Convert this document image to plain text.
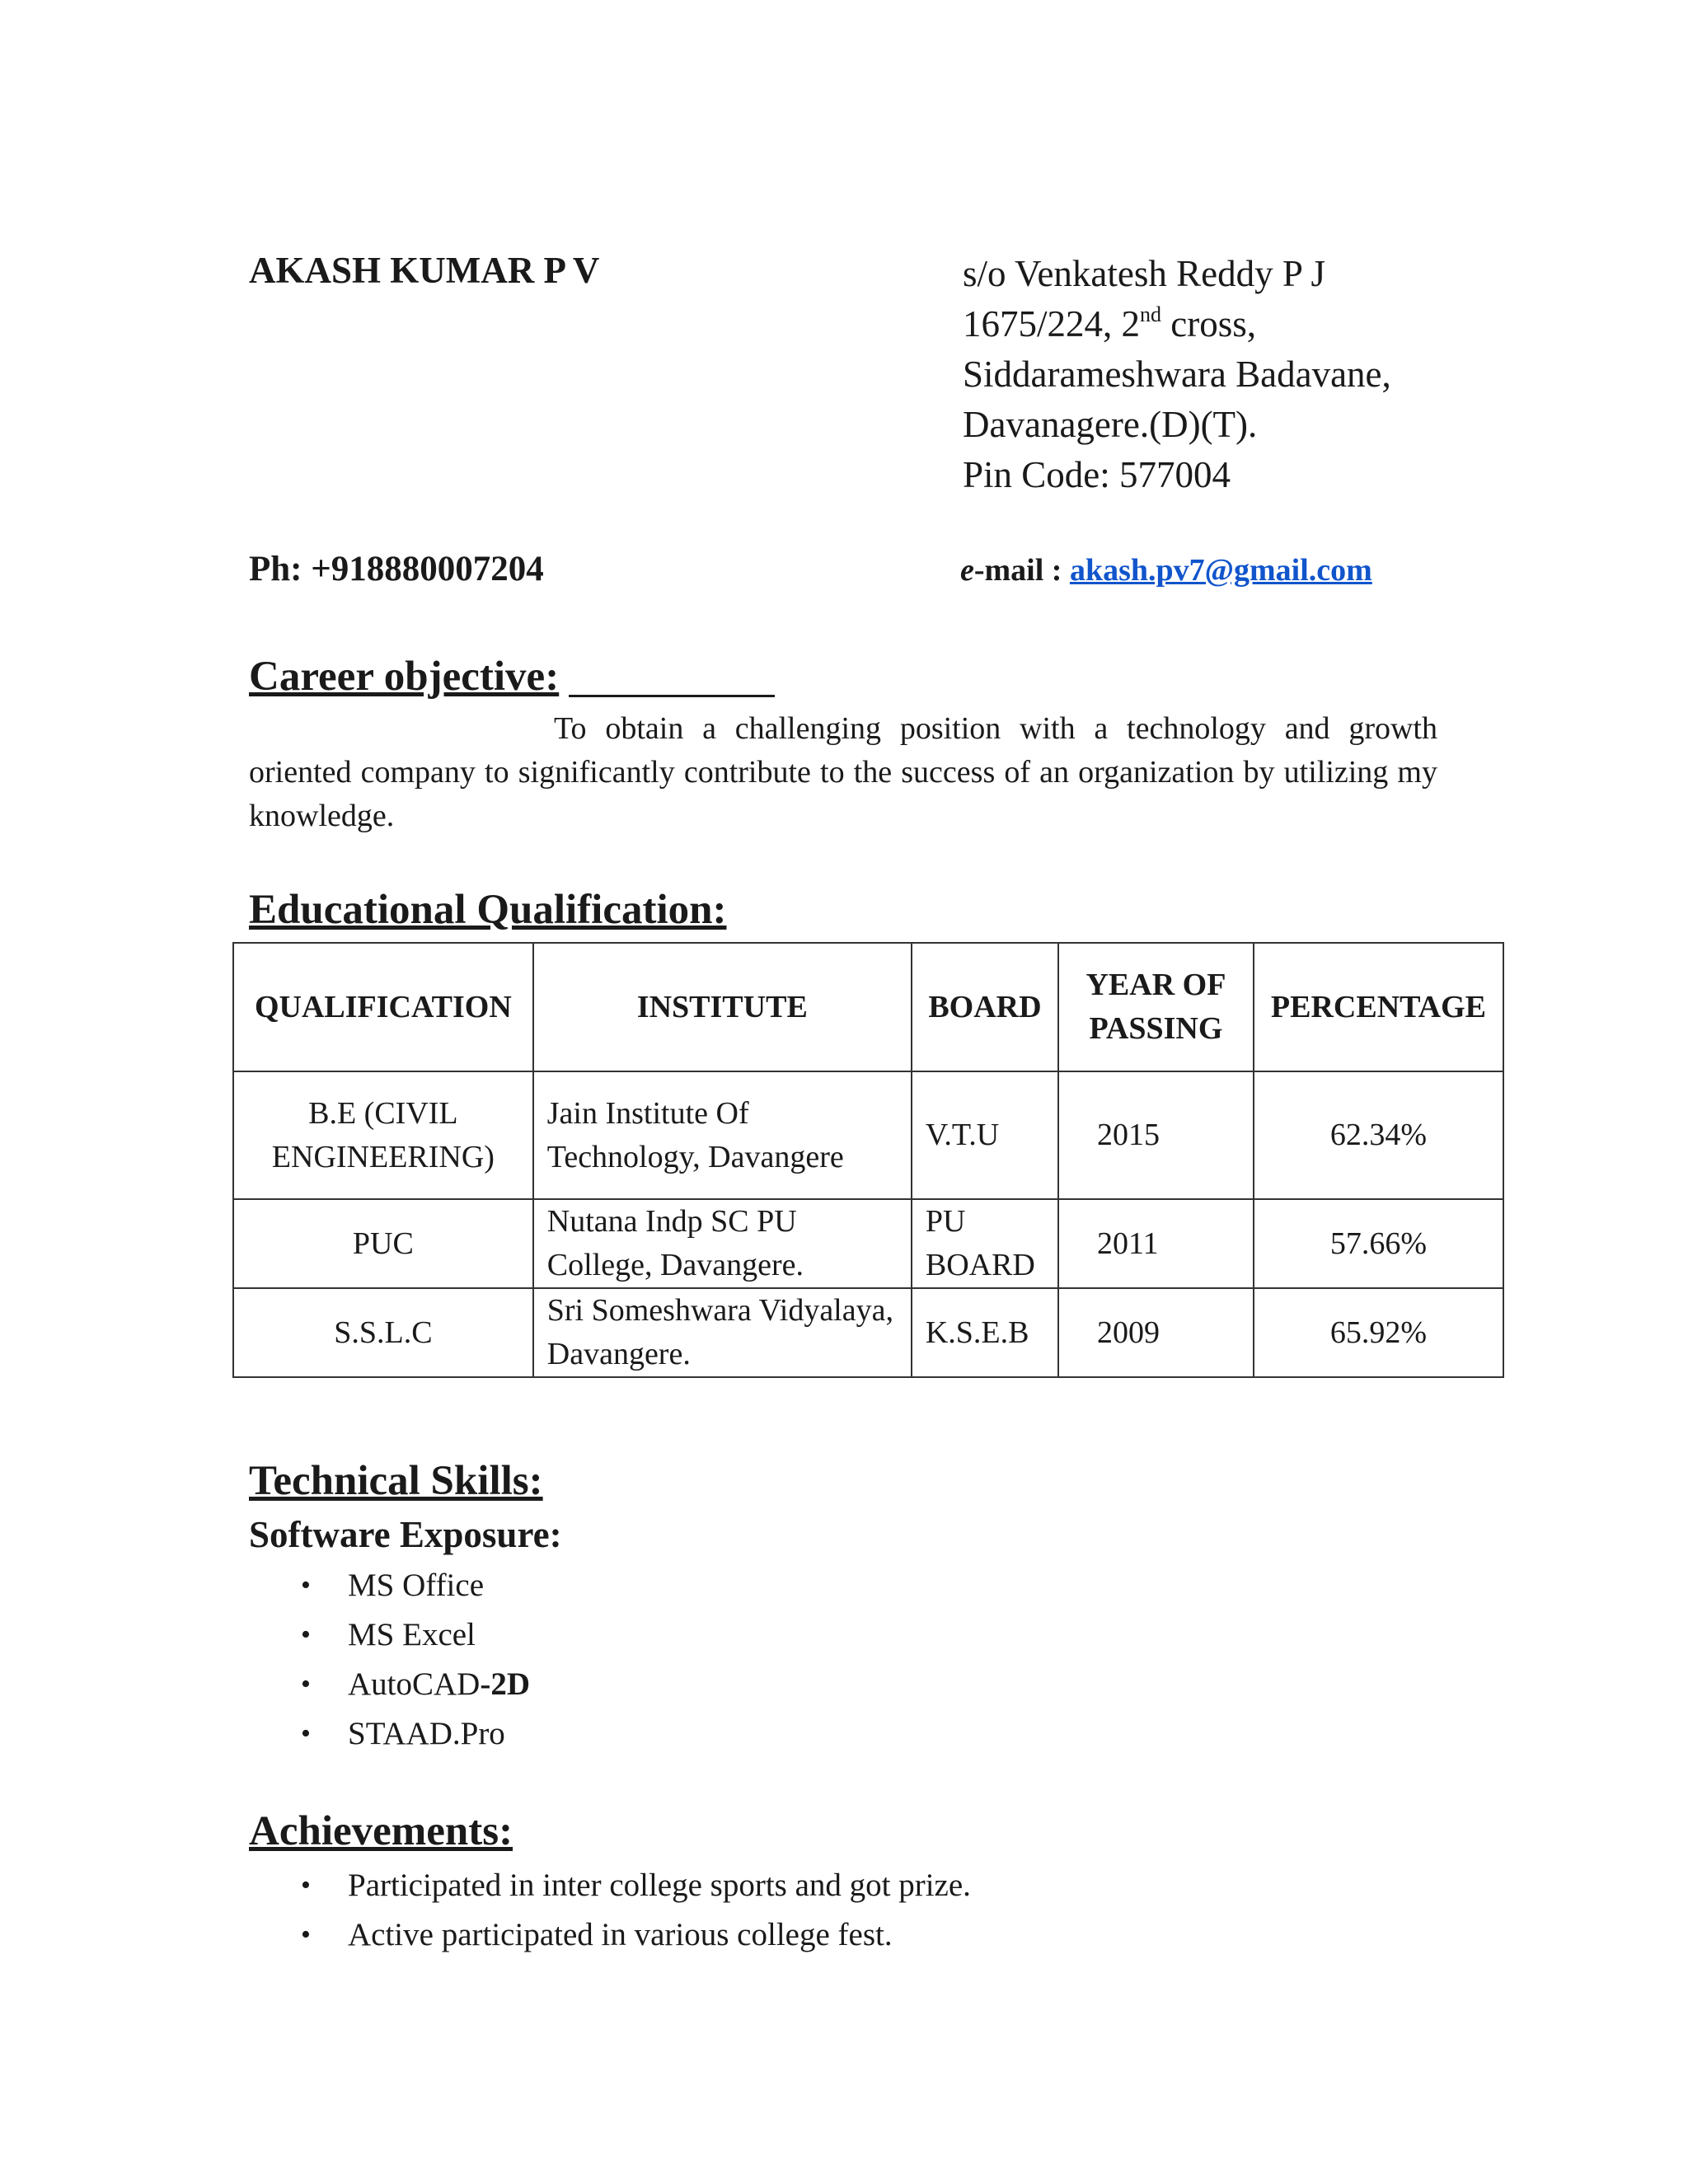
AKASH KUMAR P V	s/o Venkatesh Reddy P J
1675/224, 2nd cross,
Siddarameshwara Badavane,
Davanagere.(D)(T).
Pin Code: 577004
Ph: +918880007204	e-mail : akash.pv7@gmail.com
Career objective:
To obtain a challenging position with a technology and growth oriented company to significantly contribute to the success of an organization by utilizing my knowledge.
Educational Qualification:
QUALIFICATION	INSTITUTE	BOARD	YEAR OF PASSING	PERCENTAGE
B.E (CIVIL ENGINEERING)	Jain Institute Of Technology, Davangere	V.T.U	2015	62.34%
PUC	Nutana Indp SC PU College, Davangere.	PU BOARD	2011	57.66%
S.S.L.C	Sri Someshwara Vidyalaya, Davangere.	K.S.E.B	2009	65.92%
Technical Skills:
Software Exposure:
• MS Office
• MS Excel
• AutoCAD-2D
• STAAD.Pro
Achievements:
• Participated in inter college sports and got prize.
• Active participated in various college fest.
